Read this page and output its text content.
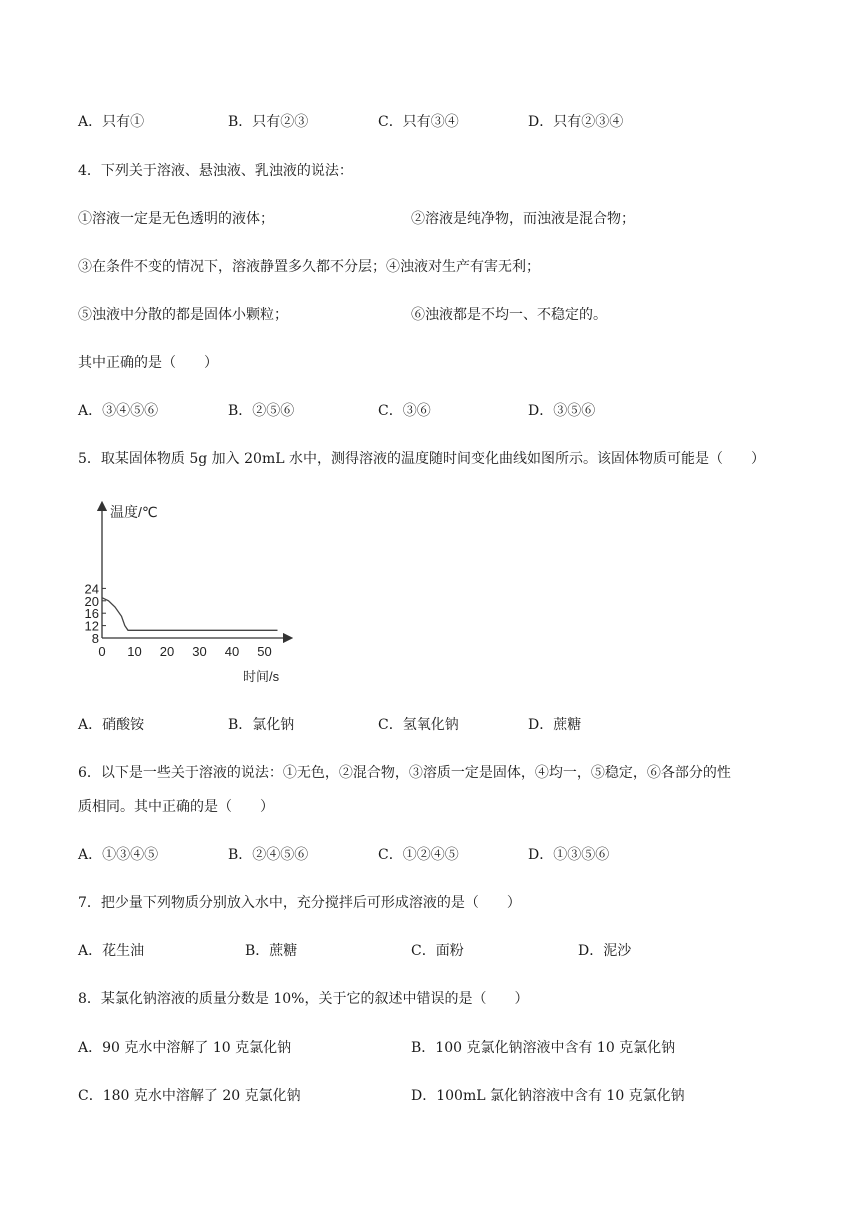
A．只有①	B．只有②③	C．只有③④	D．只有②③④
4．下列关于溶液、悬浊液、乳浊液的说法：
①溶液一定是无色透明的液体；	②溶液是纯净物，而浊液是混合物；
③在条件不变的情况下，溶液静置多久都不分层；④浊液对生产有害无利；
⑤浊液中分散的都是固体小颗粒；	⑥浊液都是不均一、不稳定的。
其中正确的是（　　）
A．③④⑤⑥	B．②⑤⑥	C．③⑥	D．③⑤⑥
5．取某固体物质 5g 加入 20mL 水中，测得溶液的温度随时间变化曲线如图所示。该固体物质可能是（　　）
8
12
16
20
24
0 10 20 30 40 50
温度/℃
时间/s
A．硝酸铵	B．氯化钠	C．氢氧化钠	D．蔗糖
6．以下是一些关于溶液的说法：①无色，②混合物，③溶质一定是固体，④均一，⑤稳定，⑥各部分的性
质相同。其中正确的是（　　）
A．①③④⑤	B．②④⑤⑥	C．①②④⑤	D．①③⑤⑥
7．把少量下列物质分别放入水中，充分搅拌后可形成溶液的是（　　）
A．花生油	B．蔗糖	C．面粉	D．泥沙
8．某氯化钠溶液的质量分数是 10%，关于它的叙述中错误的是（　　）
A．90 克水中溶解了 10 克氯化钠	B．100 克氯化钠溶液中含有 10 克氯化钠
C．180 克水中溶解了 20 克氯化钠	D．100mL 氯化钠溶液中含有 10 克氯化钠
